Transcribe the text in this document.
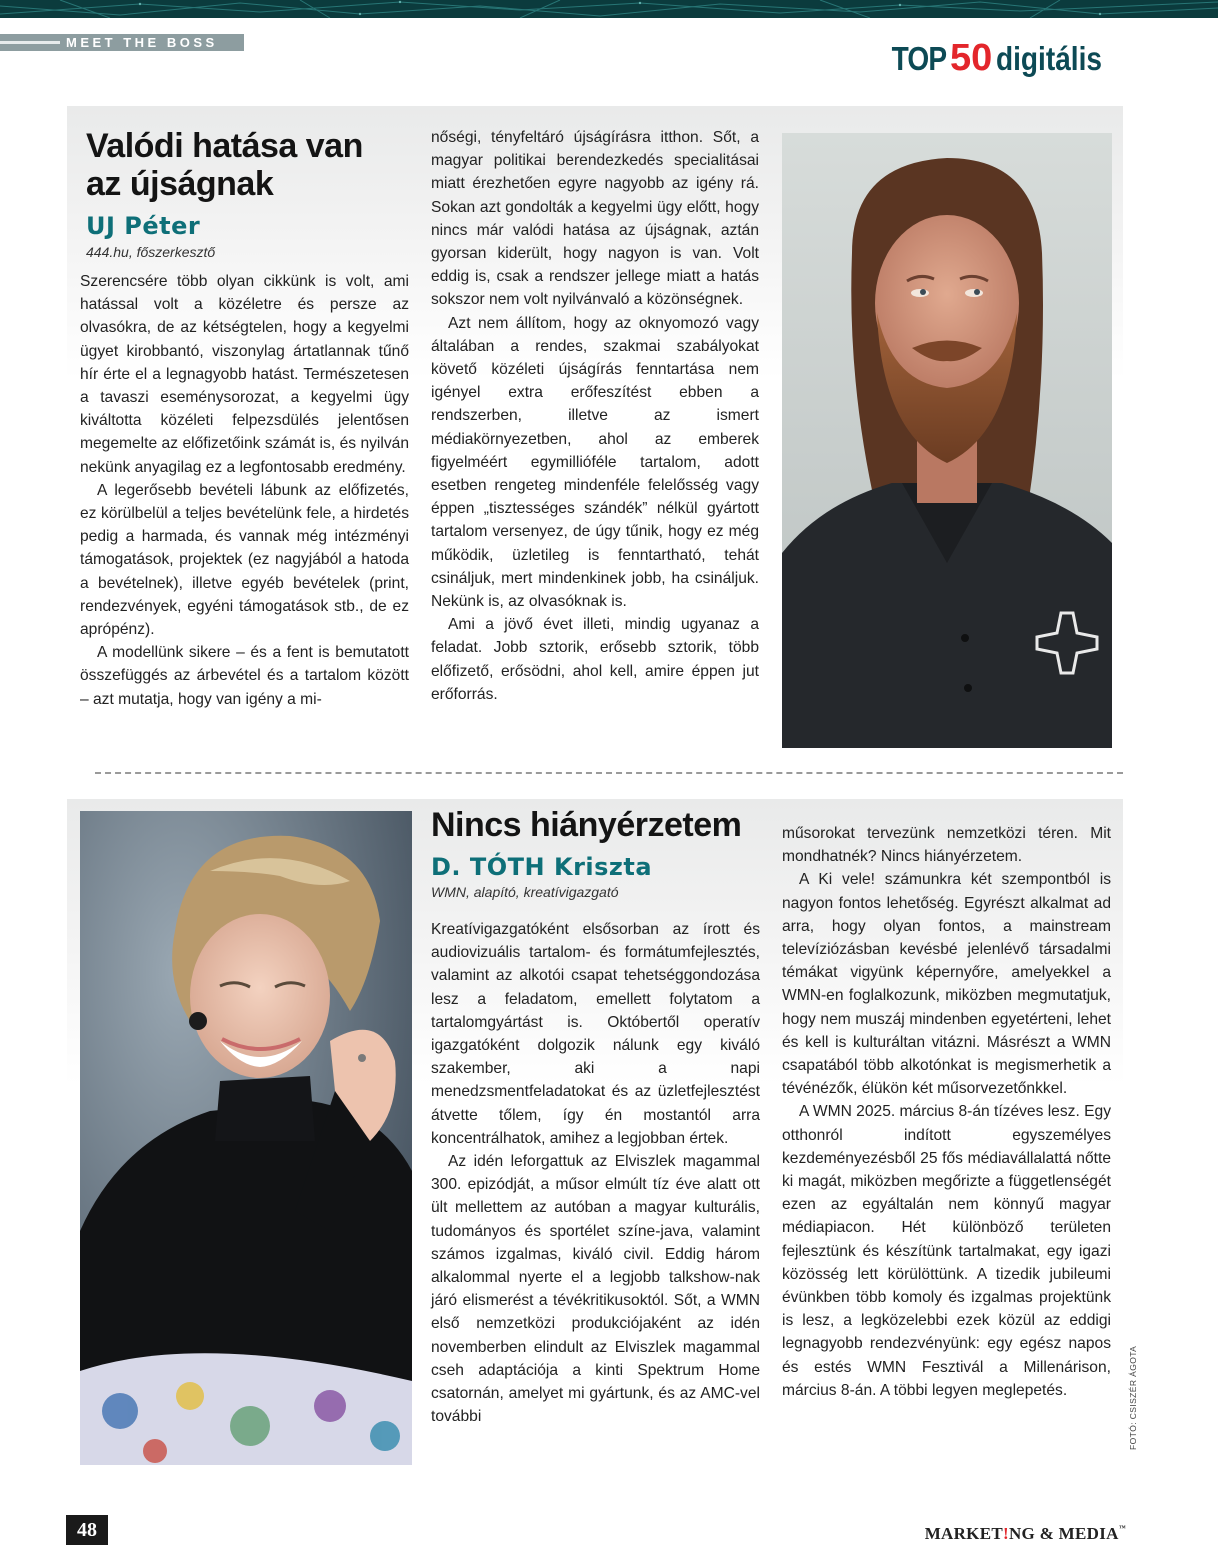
MEET THE BOSS	TOP 50 digitális
Valódi hatása van
az újságnak
UJ Péter
444.hu, főszerkesztő

Szerencsére több olyan cikkünk is volt, ami hatással volt a közéletre és persze az olvasókra, de az kétségtelen, hogy a kegyelmi ügyet kirobbantó, viszonylag ártatlannak tűnő hír érte el a legnagyobb hatást. Természetesen a tavaszi eseménysorozat, a kegyelmi ügy kiváltotta közéleti felpezsdülés jelentősen megemelte az előfizetőink számát is, és nyilván nekünk anyagilag ez a legfontosabb eredmény.

A legerősebb bevételi lábunk az előfizetés, ez körülbelül a teljes bevételünk fele, a hirdetés pedig a harmada, és vannak még intézményi támogatások, projektek (ez nagyjából a hatoda a bevételnek), illetve egyéb bevételek (print, rendezvények, egyéni támogatások stb., de ez aprópénz).

A modellünk sikere – és a fent is bemutatott összefüggés az árbevétel és a tartalom között – azt mutatja, hogy van igény a mi-

nőségi, tényfeltáró újságírásra itthon. Sőt, a magyar politikai berendezkedés specialitásai miatt érezhetően egyre nagyobb az igény rá. Sokan azt gondolták a kegyelmi ügy előtt, hogy nincs már valódi hatása az újságnak, aztán gyorsan kiderült, hogy nagyon is van. Volt eddig is, csak a rendszer jellege miatt a hatás sokszor nem volt nyilvánvaló a közönségnek.

Azt nem állítom, hogy az oknyomozó vagy általában a rendes, szakmai szabályokat követő közéleti újságírás fenntartása nem igényel extra erőfeszítést ebben a rendszerben, illetve az ismert médiakörnyezetben, ahol az emberek figyelméért egymillióféle tartalom, adott esetben rengeteg mindenféle felelősség vagy éppen „tisztességes szándék” nélkül gyártott tartalom versenyez, de úgy tűnik, hogy ez még működik, üzletileg is fenntartható, tehát csináljuk, mert mindenkinek jobb, ha csináljuk. Nekünk is, az olvasóknak is.

Ami a jövő évet illeti, mindig ugyanaz a feladat. Jobb sztorik, erősebb sztorik, több előfizető, erősödni, ahol kell, amire éppen jut erőforrás.

Nincs hiányérzetem
D. TÓTH Kriszta
WMN, alapító, kreatívigazgató

Kreatívigazgatóként elsősorban az írott és audiovizuális tartalom- és formátumfejlesztés, valamint az alkotói csapat tehetséggondozása lesz a feladatom, emellett folytatom a tartalomgyártást is. Októbertől operatív igazgatóként dolgozik nálunk egy kiváló szakember, aki a napi menedzsmentfeladatokat és az üzletfejlesztést átvette tőlem, így én mostantól arra koncentrálhatok, amihez a legjobban értek.

Az idén leforgattuk az Elviszlek magammal 300. epizódját, a műsor elmúlt tíz éve alatt ott ült mellettem az autóban a magyar kulturális, tudományos és sportélet színe-java, valamint számos izgalmas, kiváló civil. Eddig három alkalommal nyerte el a legjobb talkshow-nak járó elismerést a tévékritikusoktól. Sőt, a WMN első nemzetközi produkciójaként az idén novemberben elindult az Elviszlek magammal cseh adaptációja a kinti Spektrum Home csatornán, amelyet mi gyártunk, és az AMC-vel további

műsorokat tervezünk nemzetközi téren. Mit mondhatnék? Nincs hiányérzetem.

A Ki vele! számunkra két szempontból is nagyon fontos lehetőség. Egyrészt alkalmat ad arra, hogy olyan fontos, a mainstream televíziózásban kevésbé jelenlévő társadalmi témákat vigyünk képernyőre, amelyekkel a WMN-en foglalkozunk, miközben megmutatjuk, hogy nem muszáj mindenben egyetérteni, lehet és kell is kulturáltan vitázni. Másrészt a WMN csapatából több alkotónkat is megismerhetik a tévénézők, élükön két műsorvezetőnkkel.

A WMN 2025. március 8-án tízéves lesz. Egy otthonról indított egyszemélyes kezdeményezésből 25 fős médiavállalattá nőtte ki magát, miközben megőrizte a függetlenségét ezen az egyáltalán nem könnyű magyar médiapiacon. Hét különböző területen fejlesztünk és készítünk tartalmakat, egy igazi közösség lett körülöttünk. A tizedik jubileumi évünkben több komoly és izgalmas projektünk is lesz, a legközelebbi ezek közül az eddigi legnagyobb rendezvényünk: egy egész napos és estés WMN Fesztivál a Millenárison, március 8-án. A többi legyen meglepetés.	FOTÓ: CSISZÉR ÁGOTA
48	MARKET!NG & MEDIA™
